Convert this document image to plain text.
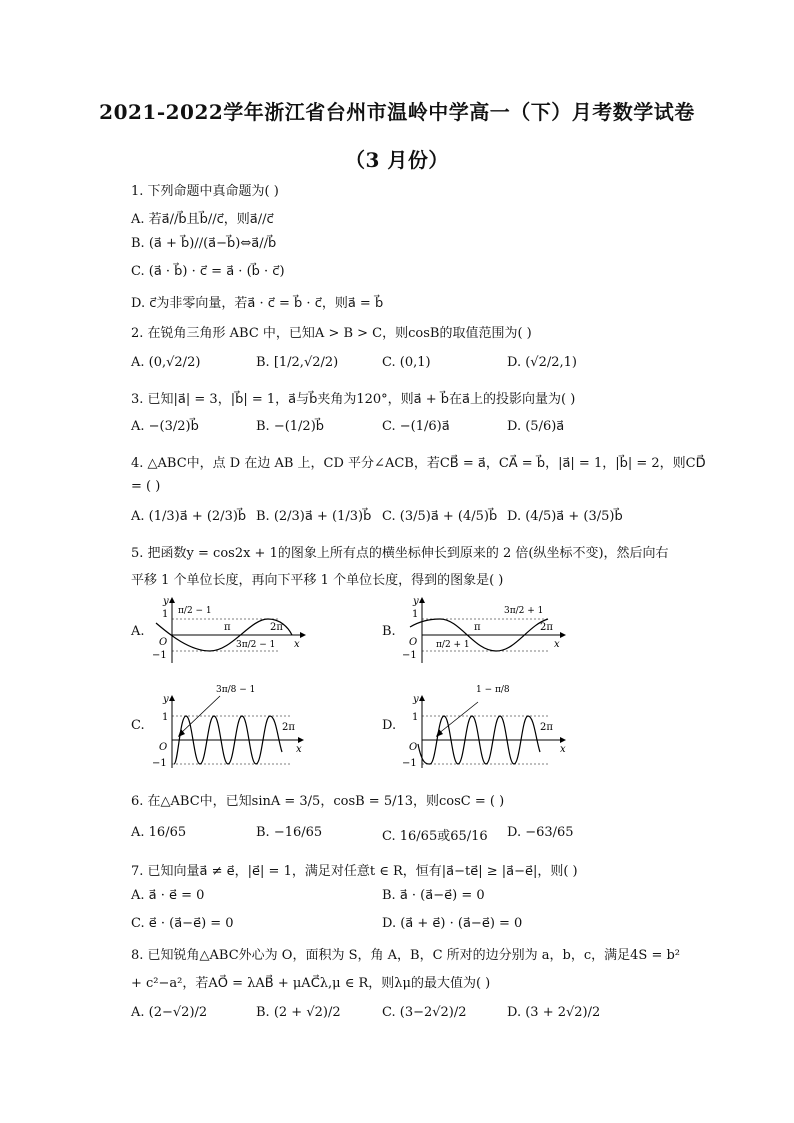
2021-2022学年浙江省台州市温岭中学高一（下）月考数学试卷
（3 月份）
1. 下列命题中真命题为( )
A. 若a⃗//b⃗且b⃗//c⃗，则a⃗//c⃗
B. (a⃗ + b⃗)//(a⃗−b⃗)⇔a⃗//b⃗
C. (a⃗ · b⃗) · c⃗ = a⃗ · (b⃗ · c⃗)
D. c⃗为非零向量，若a⃗ · c⃗ = b⃗ · c⃗，则a⃗ = b⃗
2. 在锐角三角形 ABC 中，已知A > B > C，则cosB的取值范围为( )
A. (0,√2/2)	B. [1/2,√2/2)	C. (0,1)	D. (√2/2,1)
3. 已知|a⃗| = 3，|b⃗| = 1，a⃗与b⃗夹角为120°，则a⃗ + b⃗在a⃗上的投影向量为( )
A. −(3/2)b⃗	B. −(1/2)b⃗	C. −(1/6)a⃗	D. (5/6)a⃗
4. △ABC中，点 D 在边 AB 上，CD 平分∠ACB，若CB⃗ = a⃗，CA⃗ = b⃗，|a⃗| = 1，|b⃗| = 2，则CD⃗
= ( )
A. (1/3)a⃗ + (2/3)b⃗ B. (2/3)a⃗ + (1/3)b⃗ C. (3/5)a⃗ + (4/5)b⃗ D. (4/5)a⃗ + (3/5)b⃗
5. 把函数y = cos2x + 1的图象上所有点的横坐标伸长到原来的 2 倍(纵坐标不变)，然后向右
平移 1 个单位长度，再向下平移 1 个单位长度，得到的图象是( )
A.	B.
C.	D.
y
1
O
−1
x
π/2 − 1
π	2π
3π/2 − 1
y
1
O
−1
x
3π/2 + 1
π	2π
π/2 + 1
y
1
O
−1
x
3π/8 − 1
2π
y
1
O
−1
x
1 − π/8
2π
6. 在△ABC中，已知sinA = 3/5，cosB = 5/13，则cosC = ( )
A. 16/65	B. −16/65	C. 16/65或65/16 D. −63/65
7. 已知向量a⃗ ≠ e⃗，|e⃗| = 1，满足对任意t ∈ R，恒有|a⃗−te⃗| ≥ |a⃗−e⃗|，则( )
A. a⃗ · e⃗ = 0	B. a⃗ · (a⃗−e⃗) = 0
C. e⃗ · (a⃗−e⃗) = 0	D. (a⃗ + e⃗) · (a⃗−e⃗) = 0
8. 已知锐角△ABC外心为 O，面积为 S，角 A，B，C 所对的边分别为 a，b，c，满足4S = b²
+ c²−a²，若AO⃗ = λAB⃗ + μAC⃗λ,μ ∈ R，则λμ的最大值为( )
A. (2−√2)/2	B. (2 + √2)/2	C. (3−2√2)/2	D. (3 + 2√2)/2
